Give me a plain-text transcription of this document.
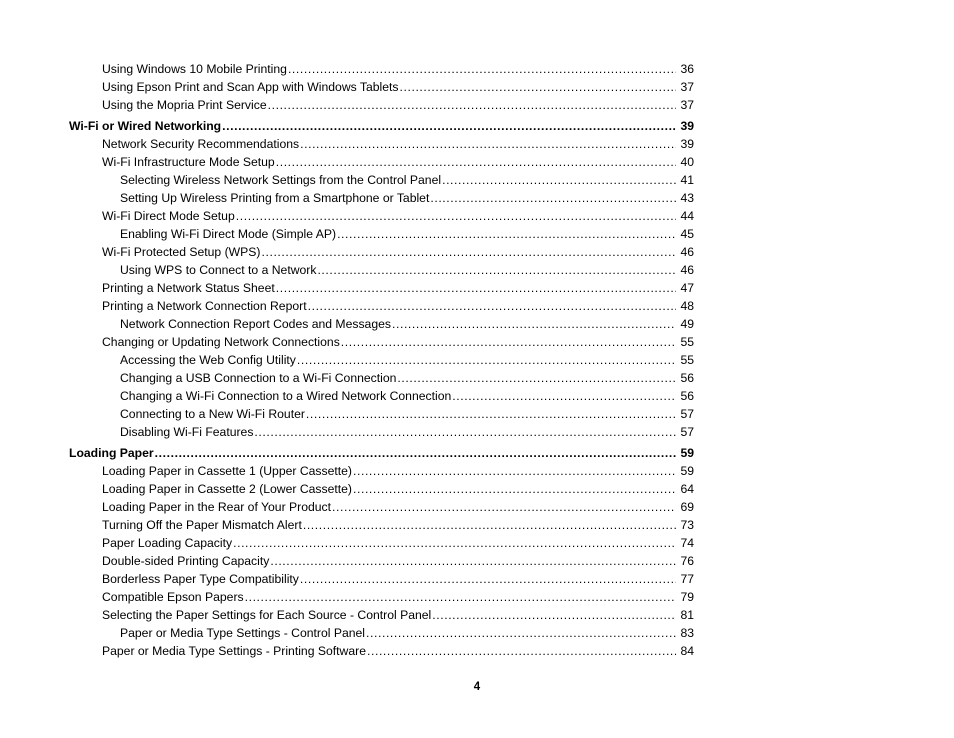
Using Windows 10 Mobile Printing .....	36
Using Epson Print and Scan App with Windows Tablets .....	37
Using the Mopria Print Service .....	37
Wi-Fi or Wired Networking .....	39
Network Security Recommendations .....	39
Wi-Fi Infrastructure Mode Setup .....	40
Selecting Wireless Network Settings from the Control Panel .....	41
Setting Up Wireless Printing from a Smartphone or Tablet .....	43
Wi-Fi Direct Mode Setup .....	44
Enabling Wi-Fi Direct Mode (Simple AP) .....	45
Wi-Fi Protected Setup (WPS) .....	46
Using WPS to Connect to a Network .....	46
Printing a Network Status Sheet .....	47
Printing a Network Connection Report .....	48
Network Connection Report Codes and Messages .....	49
Changing or Updating Network Connections .....	55
Accessing the Web Config Utility .....	55
Changing a USB Connection to a Wi-Fi Connection .....	56
Changing a Wi-Fi Connection to a Wired Network Connection .....	56
Connecting to a New Wi-Fi Router .....	57
Disabling Wi-Fi Features .....	57
Loading Paper .....	59
Loading Paper in Cassette 1 (Upper Cassette) .....	59
Loading Paper in Cassette 2 (Lower Cassette) .....	64
Loading Paper in the Rear of Your Product .....	69
Turning Off the Paper Mismatch Alert .....	73
Paper Loading Capacity .....	74
Double-sided Printing Capacity .....	76
Borderless Paper Type Compatibility .....	77
Compatible Epson Papers .....	79
Selecting the Paper Settings for Each Source - Control Panel .....	81
Paper or Media Type Settings - Control Panel .....	83
Paper or Media Type Settings - Printing Software .....	84
4
